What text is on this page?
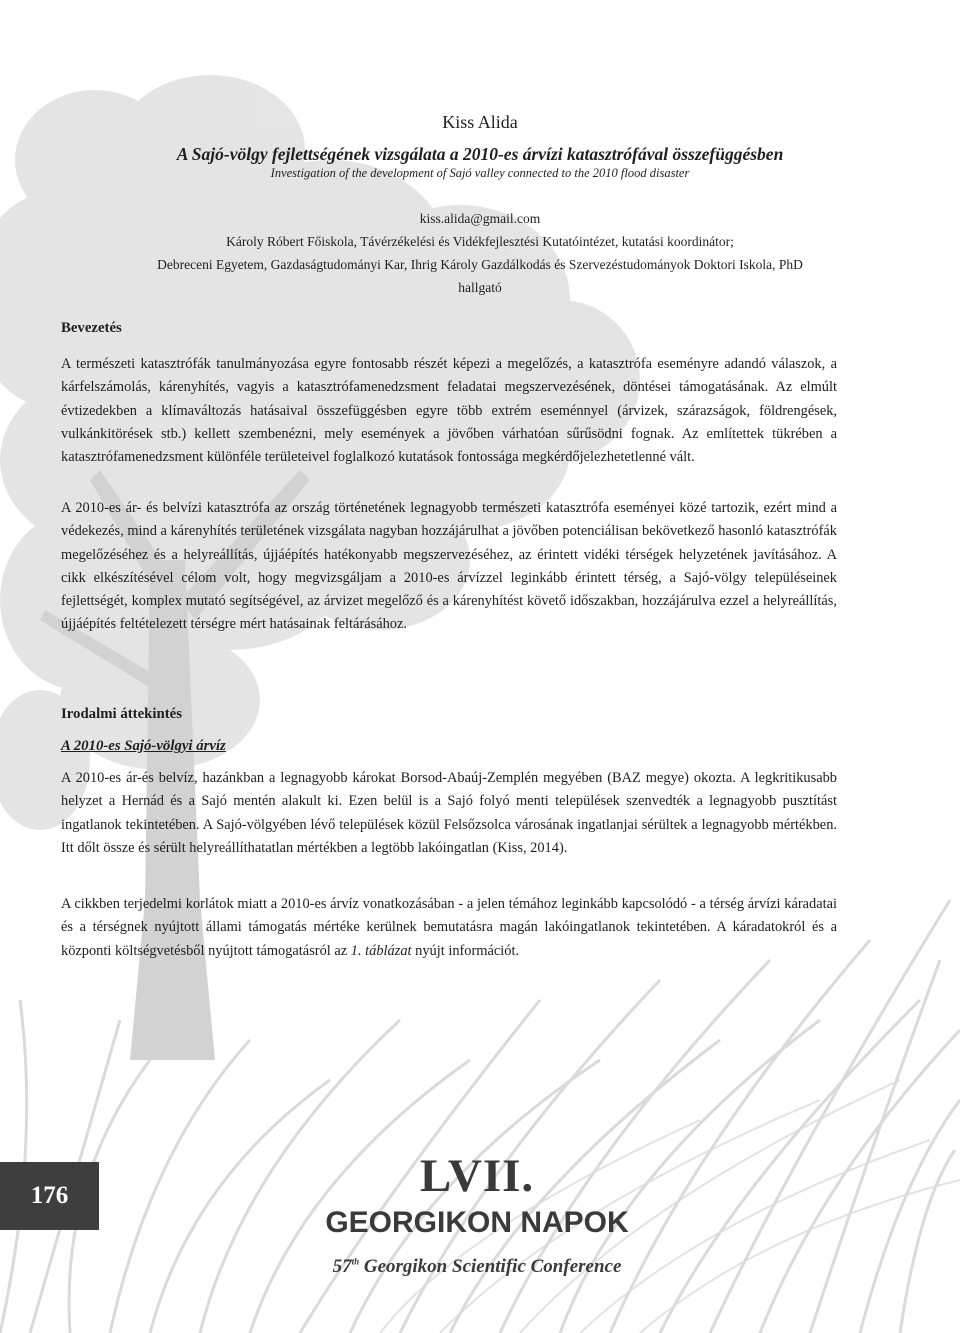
Kiss Alida
A Sajó-völgy fejlettségének vizsgálata a 2010-es árvízi katasztrófával összefüggésben
Investigation of the development of Sajó valley connected to the 2010 flood disaster
kiss.alida@gmail.com
Károly Róbert Főiskola, Távérzékelési és Vidékfejlesztési Kutatóintézet, kutatási koordinátor;
Debreceni Egyetem, Gazdaságtudományi Kar, Ihrig Károly Gazdálkodás és Szervezéstudományok Doktori Iskola, PhD
hallgató
Bevezetés

A természeti katasztrófák tanulmányozása egyre fontosabb részét képezi a megelőzés, a katasztrófa eseményre adandó válaszok, a kárfelszámolás, kárenyhítés, vagyis a katasztrófamenedzsment feladatai megszervezésének, döntései támogatásának. Az elmúlt évtizedekben a klímaváltozás hatásaival összefüggésben egyre több extrém eseménnyel (árvizek, szárazságok, földrengések, vulkánkitörések stb.) kellett szembenézni, mely események a jövőben várhatóan sűrűsödni fognak. Az említettek tükrében a katasztrófamenedzsment különféle területeivel foglalkozó kutatások fontossága megkérdőjelezhetetlenné vált.

A 2010-es ár- és belvízi katasztrófa az ország történetének legnagyobb természeti katasztrófa eseményei közé tartozik, ezért mind a védekezés, mind a kárenyhítés területének vizsgálata nagyban hozzájárulhat a jövőben potenciálisan bekövetkező hasonló katasztrófák megelőzéséhez és a helyreállítás, újjáépítés hatékonyabb megszervezéséhez, az érintett vidéki térségek helyzetének javításához. A cikk elkészítésével célom volt, hogy megvizsgáljam a 2010-es árvízzel leginkább érintett térség, a Sajó-völgy településeinek fejlettségét, komplex mutató segítségével, az árvizet megelőző és a kárenyhítést követő időszakban, hozzájárulva ezzel a helyreállítás, újjáépítés feltételezett térségre mért hatásainak feltárásához.

Irodalmi áttekintés
A 2010-es Sajó-völgyi árvíz

A 2010-es ár-és belvíz, hazánkban a legnagyobb károkat Borsod-Abaúj-Zemplén megyében (BAZ megye) okozta. A legkritikusabb helyzet a Hernád és a Sajó mentén alakult ki. Ezen belül is a Sajó folyó menti települések szenvedték a legnagyobb pusztítást ingatlanok tekintetében. A Sajó-völgyében lévő települések közül Felsőzsolca városának ingatlanjai sérültek a legnagyobb mértékben. Itt dőlt össze és sérült helyreállíthatatlan mértékben a legtöbb lakóingatlan (Kiss, 2014).

A cikkben terjedelmi korlátok miatt a 2010-es árvíz vonatkozásában - a jelen témához leginkább kapcsolódó - a térség árvízi káradatai és a térségnek nyújtott állami támogatás mértéke kerülnek bemutatásra magán lakóingatlanok tekintetében. A káradatokról és a központi költségvetésből nyújtott támogatásról az 1. táblázat nyújt információt.

176	LVII.
GEORGIKON NAPOK
57th Georgikon Scientific Conference
